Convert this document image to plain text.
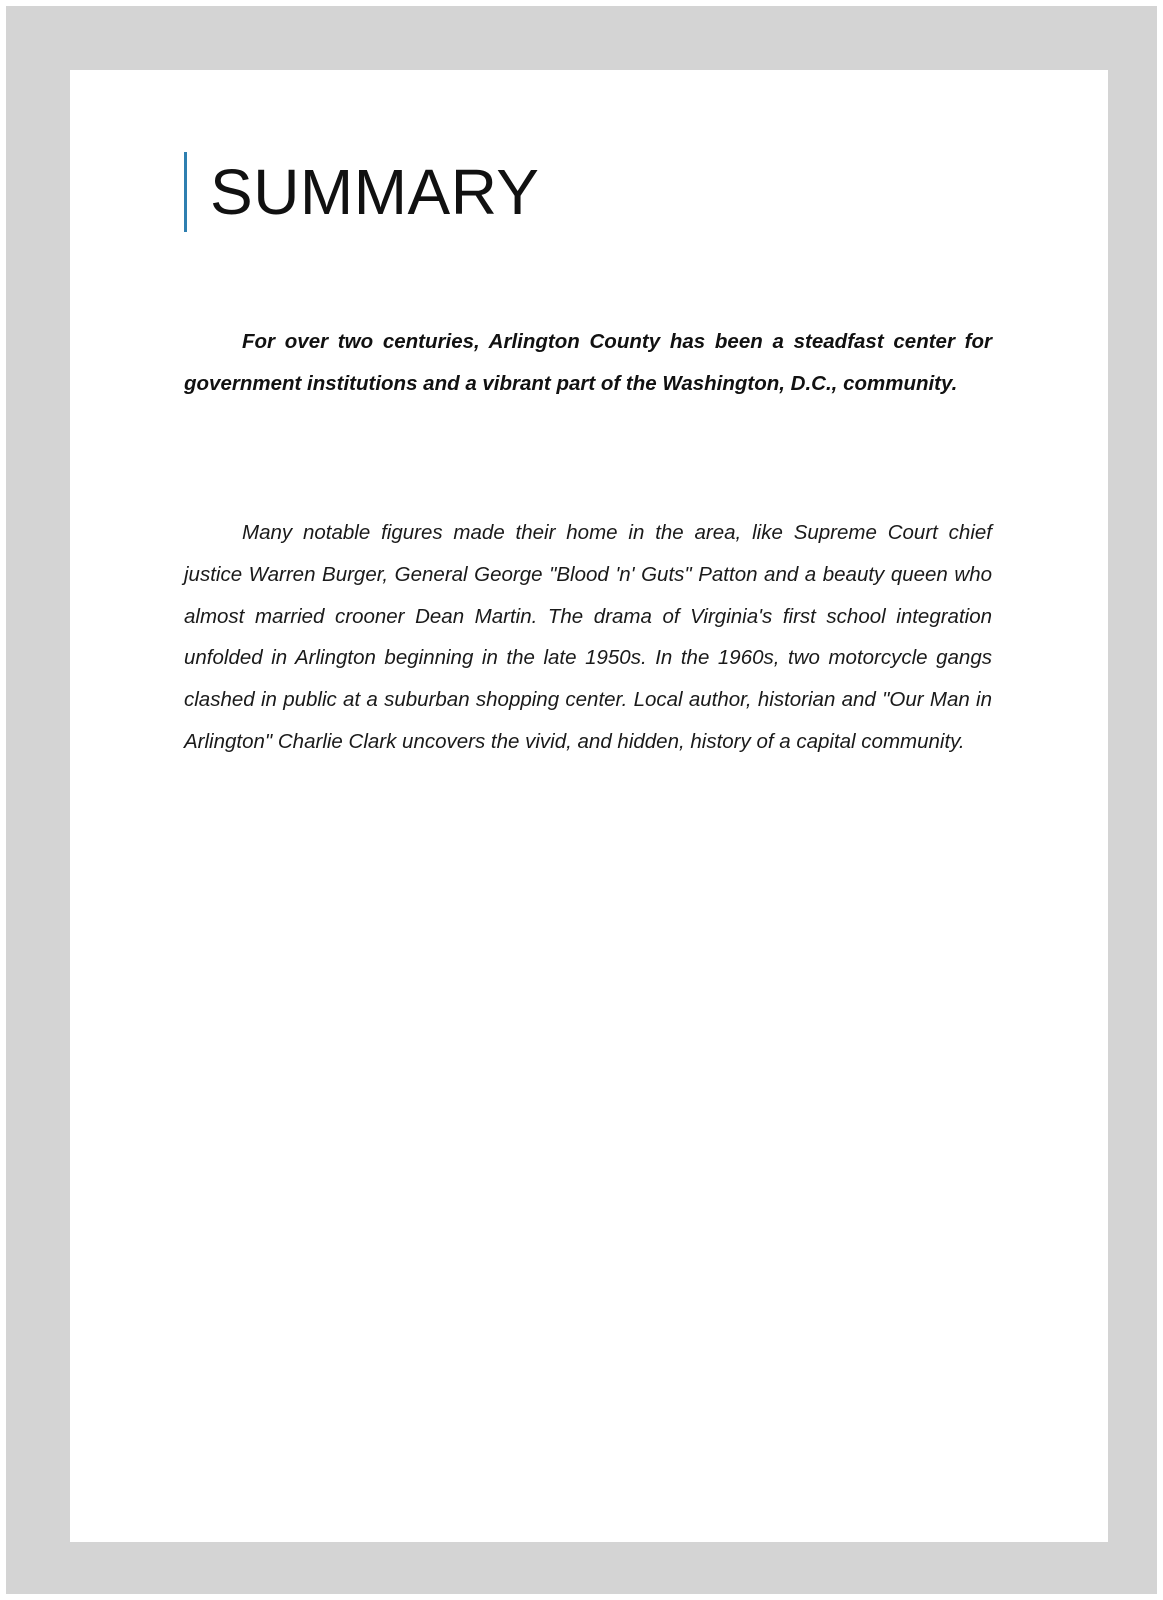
SUMMARY

For over two centuries, Arlington County has been a steadfast center for government institutions and a vibrant part of the Washington, D.C., community.

Many notable figures made their home in the area, like Supreme Court chief justice Warren Burger, General George "Blood 'n' Guts" Patton and a beauty queen who almost married crooner Dean Martin. The drama of Virginia's first school integration unfolded in Arlington beginning in the late 1950s. In the 1960s, two motorcycle gangs clashed in public at a suburban shopping center. Local author, historian and "Our Man in Arlington" Charlie Clark uncovers the vivid, and hidden, history of a capital community.
